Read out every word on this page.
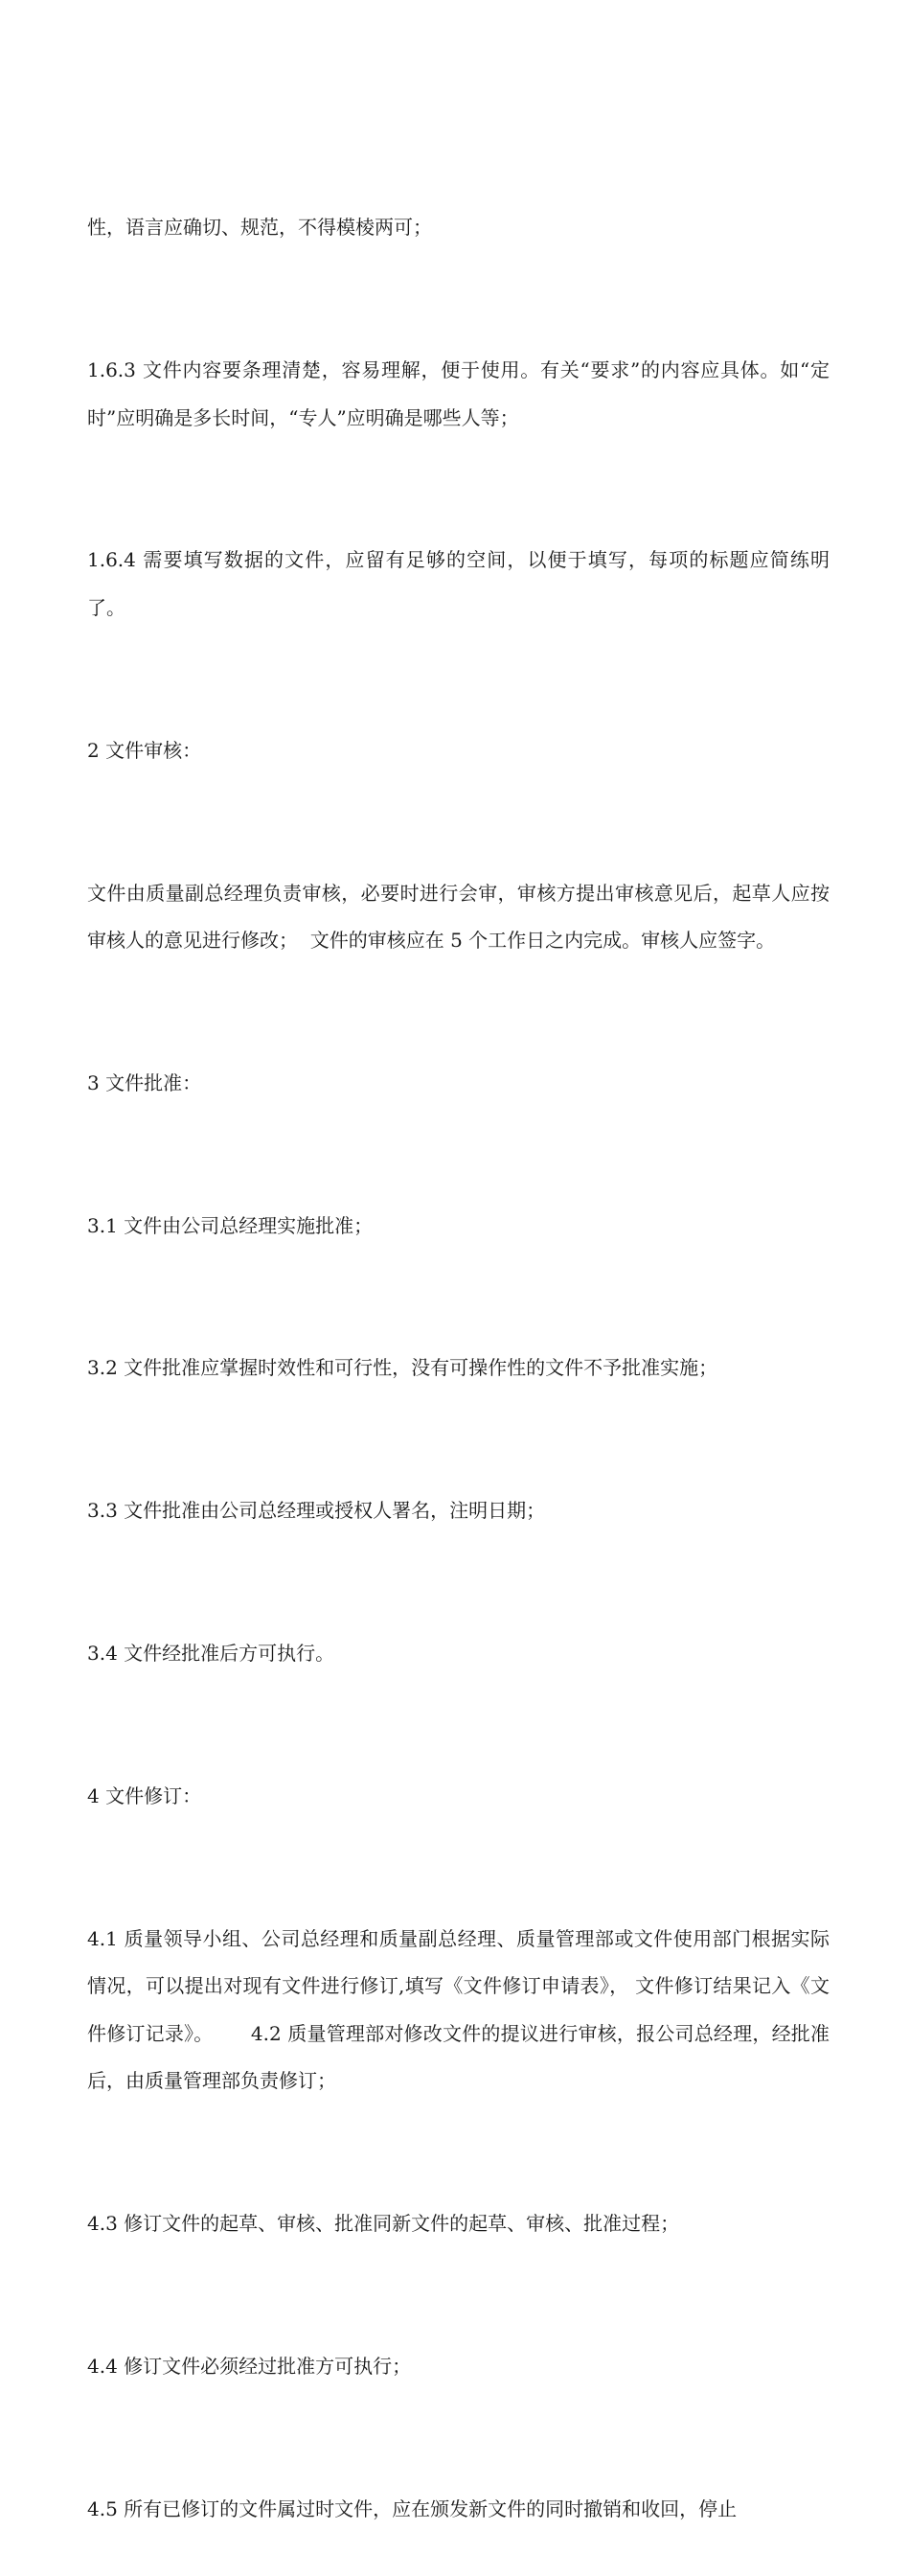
性，语言应确切、规范，不得模棱两可；

1.6.3 文件内容要条理清楚，容易理解，便于使用。有关“要求”的内容应具体。如“定时”应明确是多长时间，“专人”应明确是哪些人等；

1.6.4 需要填写数据的文件，应留有足够的空间，以便于填写，每项的标题应简练明了。

2 文件审核：

文件由质量副总经理负责审核，必要时进行会审，审核方提出审核意见后，起草人应按审核人的意见进行修改；  文件的审核应在 5 个工作日之内完成。审核人应签字。

3 文件批准：

3.1 文件由公司总经理实施批准；

3.2 文件批准应掌握时效性和可行性，没有可操作性的文件不予批准实施；

3.3 文件批准由公司总经理或授权人署名，注明日期；

3.4 文件经批准后方可执行。

4 文件修订：

4.1 质量领导小组、公司总经理和质量副总经理、质量管理部或文件使用部门根据实际情况，可以提出对现有文件进行修订,填写《文件修订申请表》， 文件修订结果记入《文件修订记录》。      4.2 质量管理部对修改文件的提议进行审核，报公司总经理，经批准后，由质量管理部负责修订；

4.3 修订文件的起草、审核、批准同新文件的起草、审核、批准过程；

4.4 修订文件必须经过批准方可执行；

4.5 所有已修订的文件属过时文件，应在颁发新文件的同时撤销和收回，停止
